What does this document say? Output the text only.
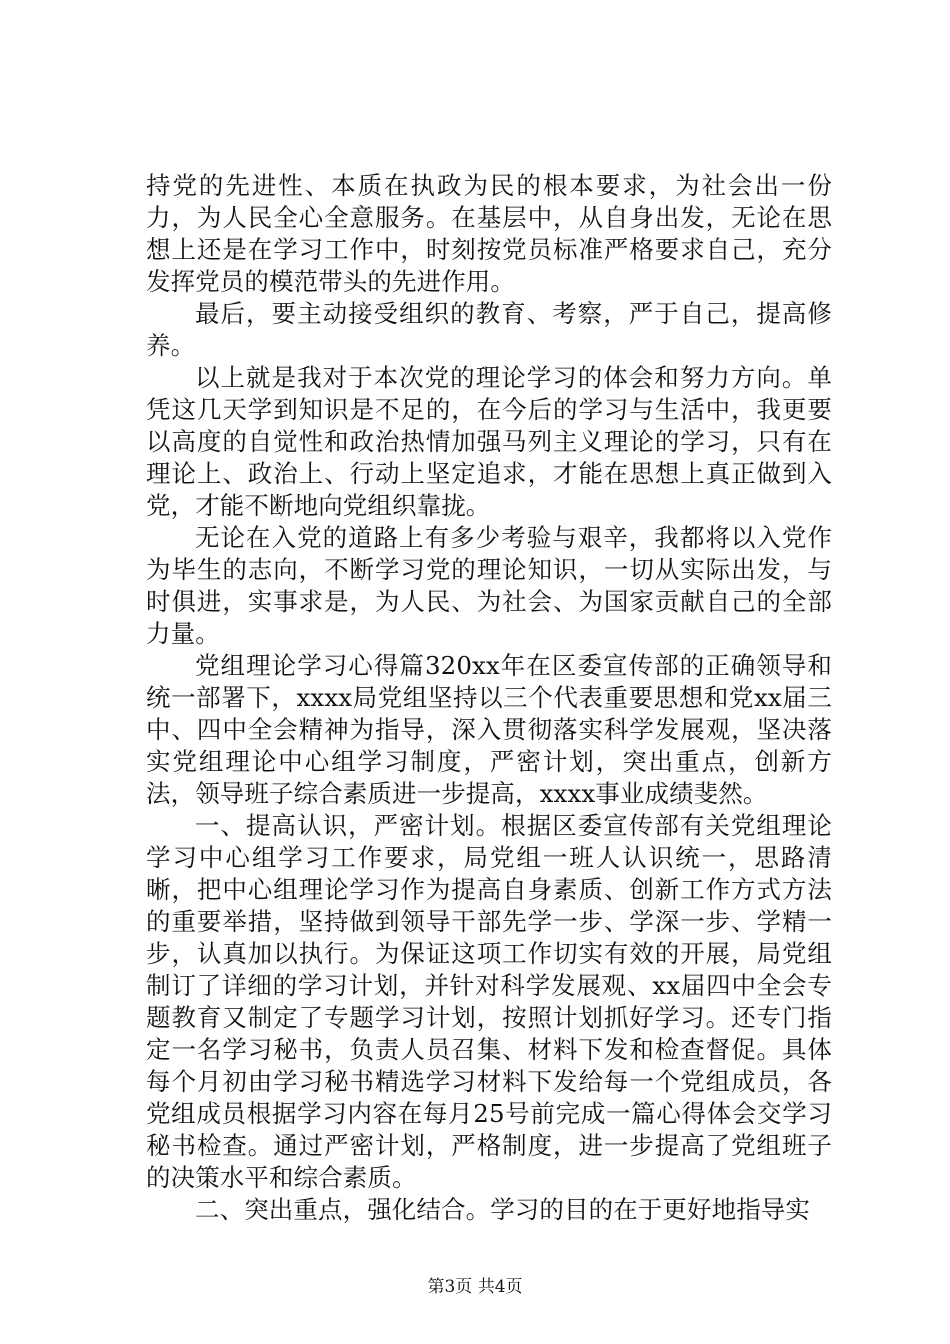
持党的先进性、本质在执政为民的根本要求，为社会出一份力，为人民全心全意服务。在基层中，从自身出发，无论在思想上还是在学习工作中，时刻按党员标准严格要求自己，充分发挥党员的模范带头的先进作用。

最后，要主动接受组织的教育、考察，严于自己，提高修养。

以上就是我对于本次党的理论学习的体会和努力方向。单凭这几天学到知识是不足的，在今后的学习与生活中，我更要以高度的自觉性和政治热情加强马列主义理论的学习，只有在理论上、政治上、行动上坚定追求，才能在思想上真正做到入党，才能不断地向党组织靠拢。

无论在入党的道路上有多少考验与艰辛，我都将以入党作为毕生的志向，不断学习党的理论知识，一切从实际出发，与时俱进，实事求是，为人民、为社会、为国家贡献自己的全部力量。

党组理论学习心得篇320xx年在区委宣传部的正确领导和统一部署下，xxxx局党组坚持以三个代表重要思想和党xx届三中、四中全会精神为指导，深入贯彻落实科学发展观，坚决落实党组理论中心组学习制度，严密计划，突出重点，创新方法，领导班子综合素质进一步提高，xxxx事业成绩斐然。

一、提高认识，严密计划。根据区委宣传部有关党组理论学习中心组学习工作要求，局党组一班人认识统一，思路清晰，把中心组理论学习作为提高自身素质、创新工作方式方法的重要举措，坚持做到领导干部先学一步、学深一步、学精一步，认真加以执行。为保证这项工作切实有效的开展，局党组制订了详细的学习计划，并针对科学发展观、xx届四中全会专题教育又制定了专题学习计划，按照计划抓好学习。还专门指定一名学习秘书，负责人员召集、材料下发和检查督促。具体每个月初由学习秘书精选学习材料下发给每一个党组成员，各党组成员根据学习内容在每月25号前完成一篇心得体会交学习秘书检查。通过严密计划，严格制度，进一步提高了党组班子的决策水平和综合素质。

二、突出重点，强化结合。学习的目的在于更好地指导实

第3页 共4页
